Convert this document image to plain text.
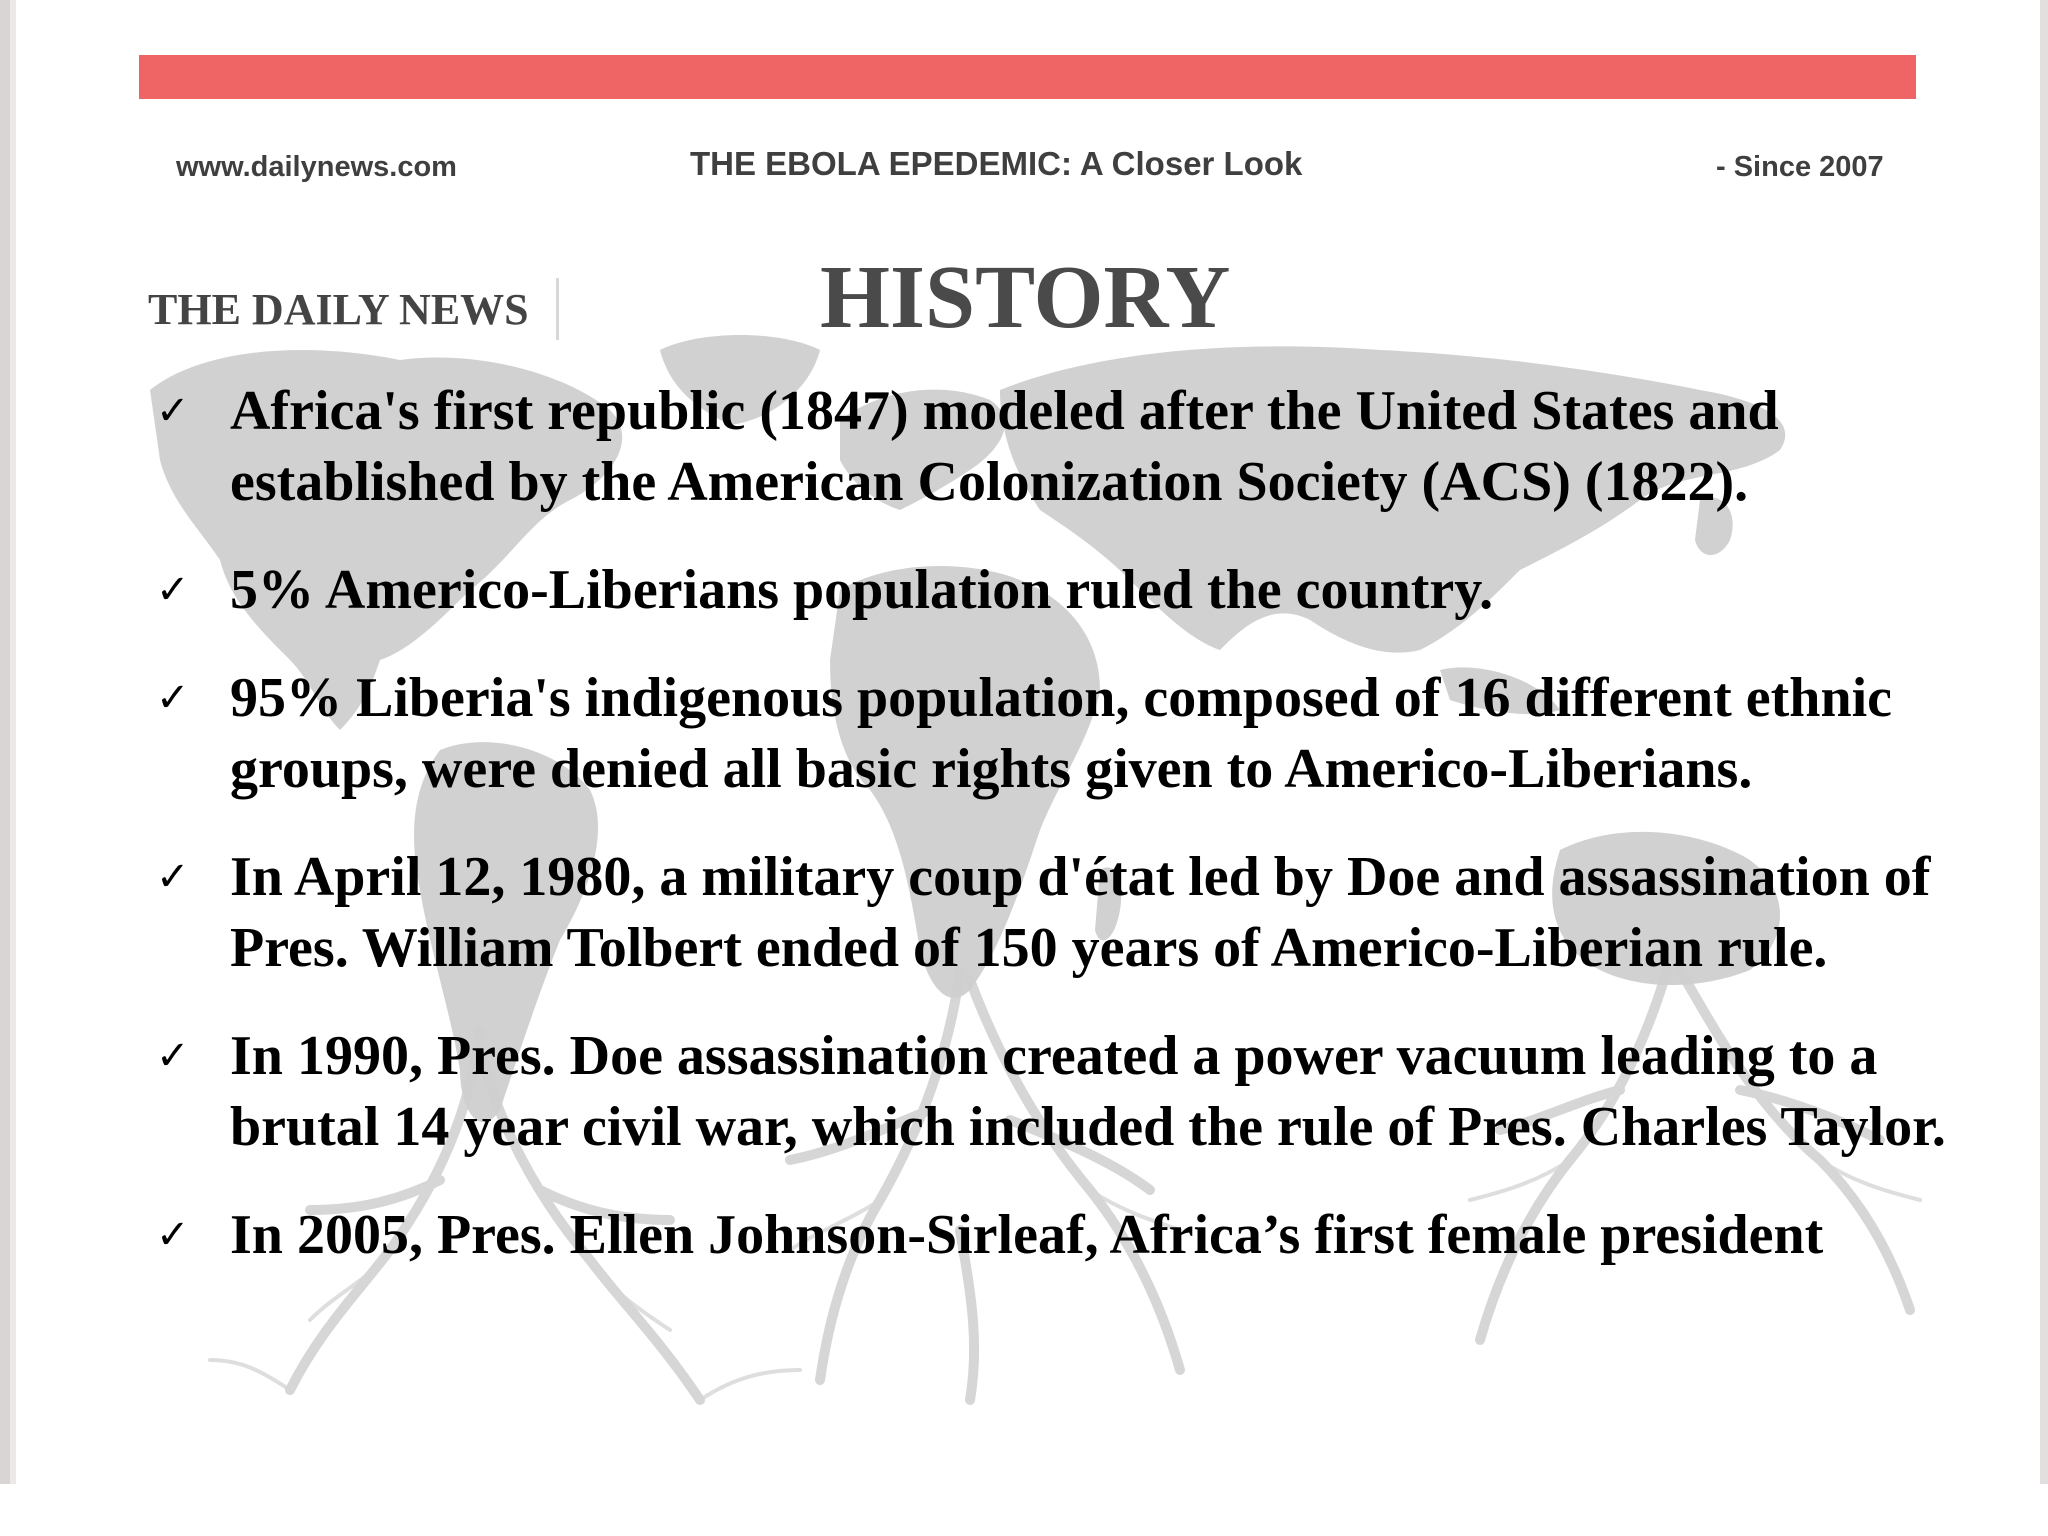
www.dailynews.com	THE EBOLA EPEDEMIC: A Closer Look	- Since 2007
THE DAILY NEWS	HISTORY
✓ Africa's first republic (1847) modeled after the United States and established by the American Colonization Society (ACS) (1822).
✓ 5% Americo-Liberians population ruled the country.
✓ 95% Liberia's indigenous population, composed of 16 different ethnic groups, were denied all basic rights given to Americo-Liberians.
✓ In April 12, 1980, a military coup d'état led by Doe and assassination of Pres. William Tolbert ended of 150 years of Americo-Liberian rule.
✓ In 1990, Pres. Doe assassination created a power vacuum leading to a brutal 14 year civil war, which included the rule of Pres. Charles Taylor.
✓ In 2005, Pres. Ellen Johnson-Sirleaf, Africa’s first female president
